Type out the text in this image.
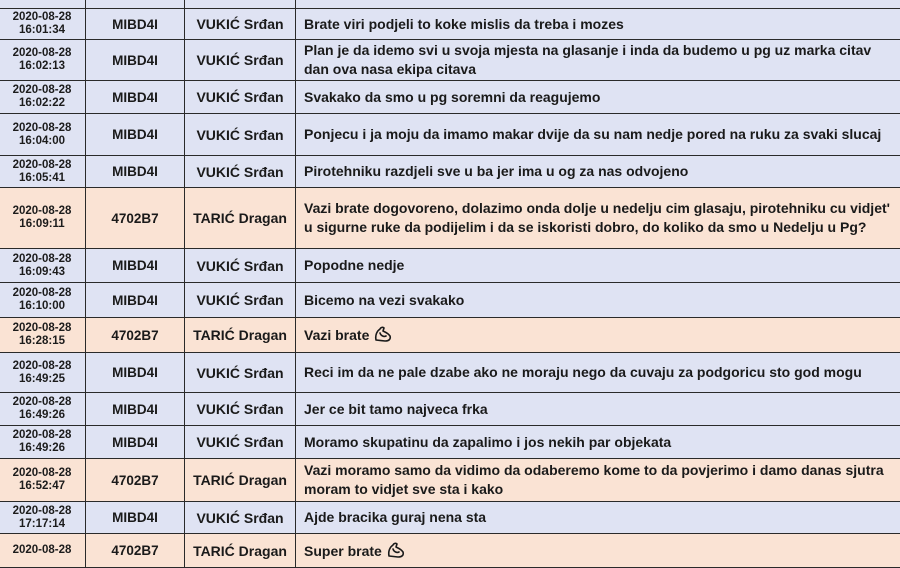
2020-08-28
16:01:34	MIBD4I	VUKIĆ Srđan	Brate viri podjeli to koke mislis da treba i mozes

2020-08-28
16:02:13	MIBD4I	VUKIĆ Srđan	Plan je da idemo svi u svoja mjesta na glasanje i inda da budemo u pg uz marka citav dan ova nasa ekipa citava

2020-08-28
16:02:22	MIBD4I	VUKIĆ Srđan	Svakako da smo u pg soremni da reagujemo

2020-08-28
16:04:00	MIBD4I	VUKIĆ Srđan	Ponjecu i ja moju da imamo makar dvije da su nam nedje pored na ruku za svaki slucaj

2020-08-28
16:05:41	MIBD4I	VUKIĆ Srđan	Pirotehniku razdjeli sve u ba jer ima u og za nas odvojeno

2020-08-28
16:09:11	4702B7	TARIĆ Dragan	Vazi brate dogovoreno, dolazimo onda dolje u nedelju cim glasaju, pirotehniku cu vidjet' u sigurne ruke da podijelim i da se iskoristi dobro, do koliko da smo u Nedelju u Pg?

2020-08-28
16:09:43	MIBD4I	VUKIĆ Srđan	Popodne nedje

2020-08-28
16:10:00	MIBD4I	VUKIĆ Srđan	Bicemo na vezi svakako

2020-08-28
16:28:15	4702B7	TARIĆ Dragan	Vazi brate

2020-08-28
16:49:25	MIBD4I	VUKIĆ Srđan	Reci im da ne pale dzabe ako ne moraju nego da cuvaju za podgoricu sto god mogu

2020-08-28
16:49:26	MIBD4I	VUKIĆ Srđan	Jer ce bit tamo najveca frka

2020-08-28
16:49:26	MIBD4I	VUKIĆ Srđan	Moramo skupatinu da zapalimo i jos nekih par objekata

2020-08-28
16:52:47	4702B7	TARIĆ Dragan	Vazi moramo samo da vidimo da odaberemo kome to da povjerimo i damo danas sjutra moram to vidjet sve sta i kako

2020-08-28
17:17:14	MIBD4I	VUKIĆ Srđan	Ajde bracika guraj nena sta

2020-08-28	4702B7	TARIĆ Dragan	Super brate
